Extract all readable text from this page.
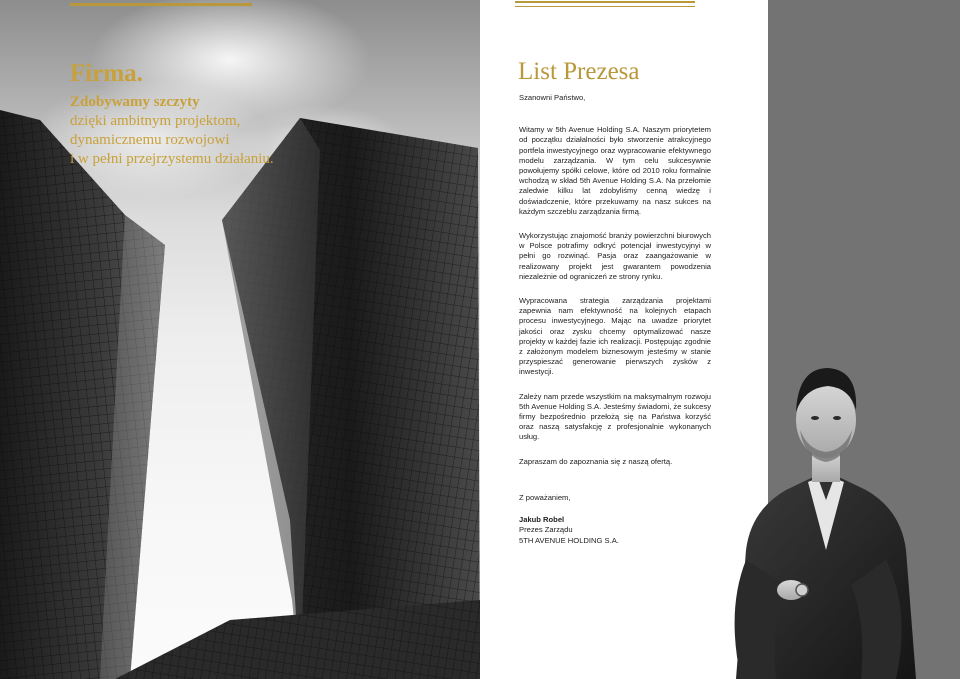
Firma.
Zdobywamy szczyty
dzięki ambitnym projektom,
dynamicznemu rozwojowi
i w pełni przejrzystemu działaniu.
List Prezesa

Szanowni Państwo,

Witamy w 5th Avenue Holding S.A. Naszym priorytetem od początku działalności było stworzenie atrakcyjnego portfela inwestycyjnego oraz wypracowanie efektywnego modelu zarządzania. W tym celu sukcesywnie powołujemy spółki celowe, które od 2010 roku formalnie wchodzą w skład 5th Avenue Holding S.A. Na przełomie zaledwie kilku lat zdobyliśmy cenną wiedzę i doświadczenie, które przekuwamy na nasz sukces na każdym szczeblu zarządzania firmą.

Wykorzystując znajomość branży powierzchni biurowych w Polsce potrafimy odkryć potencjał inwestycyjnyi w pełni go rozwinąć. Pasja oraz zaangażowanie w realizowany projekt jest gwarantem powodzenia niezależnie od ograniczeń ze strony rynku.

Wypracowana strategia zarządzania projektami zapewnia nam efektywność na kolejnych etapach procesu inwestycyjnego. Mając na uwadze priorytet jakości oraz zysku chcemy optymalizować nasze projekty w każdej fazie ich realizacji. Postępując zgodnie z założonym modelem biznesowym jesteśmy w stanie przyspieszać generowanie pierwszych zysków z inwestycji.

Zależy nam przede wszystkim na maksymalnym rozwoju 5th Avenue Holding S.A. Jesteśmy świadomi, że sukcesy firmy bezpośrednio przełożą się na Państwa korzyść oraz naszą satysfakcję z profesjonalnie wykonanych usług.

Zapraszam do zapoznania się z naszą ofertą.

Z poważaniem,

Jakub Robel
Prezes Zarządu
5TH AVENUE HOLDING S.A.
